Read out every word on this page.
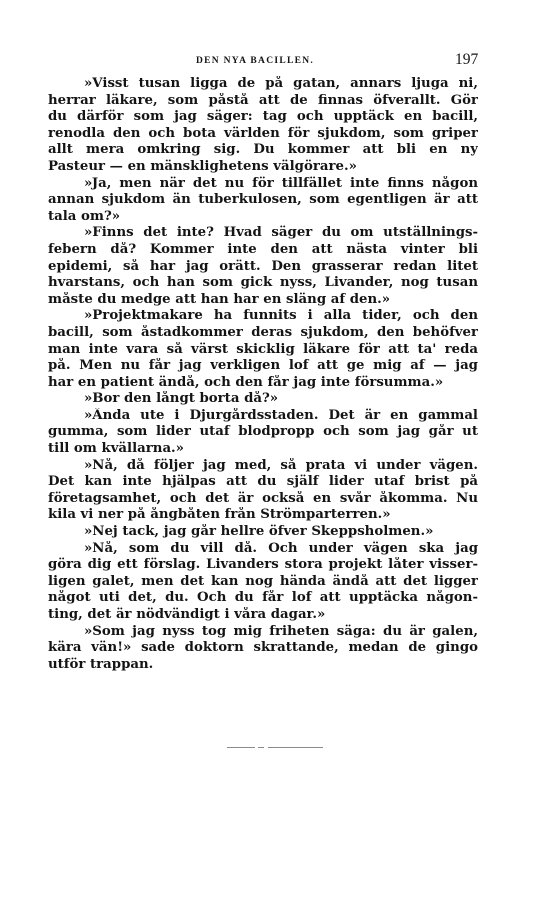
DEN NYA BACILLEN.	197
»Visst tusan ligga de på gatan, annars ljuga ni,
herrar läkare, som påstå att de finnas öfverallt. Gör
du därför som jag säger: tag och upptäck en bacill,
renodla den och bota världen för sjukdom, som griper
allt mera omkring sig. Du kommer att bli en ny
Pasteur — en mänsklighetens välgörare.»
»Ja, men när det nu för tillfället inte finns någon
annan sjukdom än tuberkulosen, som egentligen är att
tala om?»
»Finns det inte? Hvad säger du om utställnings-
febern då? Kommer inte den att nästa vinter bli
epidemi, så har jag orätt. Den grasserar redan litet
hvarstans, och han som gick nyss, Livander, nog tusan
måste du medge att han har en släng af den.»
»Projektmakare ha funnits i alla tider, och den
bacill, som åstadkommer deras sjukdom, den behöfver
man inte vara så värst skicklig läkare för att ta' reda
på. Men nu får jag verkligen lof att ge mig af — jag
har en patient ändå, och den får jag inte försumma.»
»Bor den långt borta då?»
»Ända ute i Djurgårdsstaden. Det är en gammal
gumma, som lider utaf blodpropp och som jag går ut
till om kvällarna.»
»Nå, då följer jag med, så prata vi under vägen.
Det kan inte hjälpas att du själf lider utaf brist på
företagsamhet, och det är också en svår åkomma. Nu
kila vi ner på ångbåten från Strömparterren.»
»Nej tack, jag går hellre öfver Skeppsholmen.»
»Nå, som du vill då. Och under vägen ska jag
göra dig ett förslag. Livanders stora projekt låter visser-
ligen galet, men det kan nog hända ändå att det ligger
något uti det, du. Och du får lof att upptäcka någon-
ting, det är nödvändigt i våra dagar.»
»Som jag nyss tog mig friheten säga: du är galen,
kära vän!» sade doktorn skrattande, medan de gingo
utför trappan.
